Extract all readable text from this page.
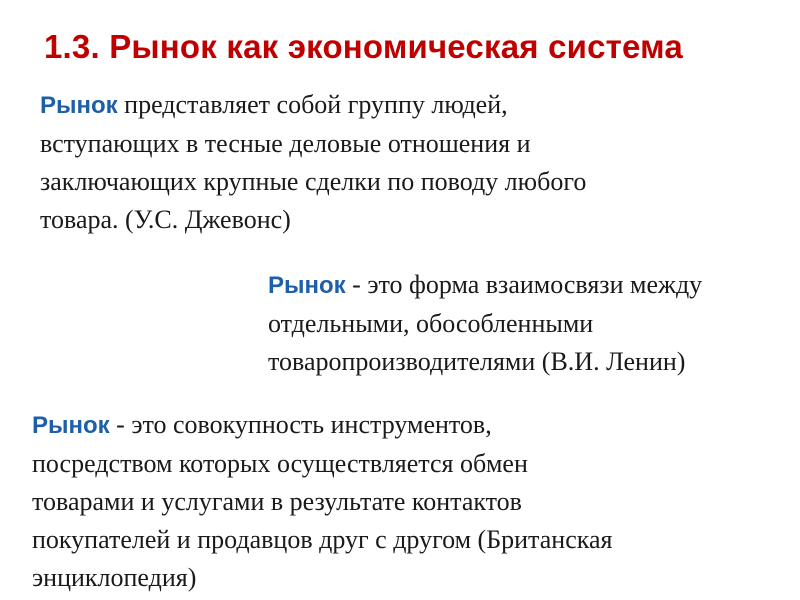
1.3. Рынок как экономическая система
Рынок представляет собой группу людей,
вступающих в тесные деловые отношения и
заключающих крупные сделки по поводу любого
товара. (У.С. Джевонс)
Рынок - это форма взаимосвязи между
отдельными, обособленными
товаропроизводителями (В.И. Ленин)
Рынок - это совокупность инструментов,
посредством которых осуществляется обмен
товарами и услугами в результате контактов
покупателей и продавцов друг с другом (Британская
энциклопедия)
